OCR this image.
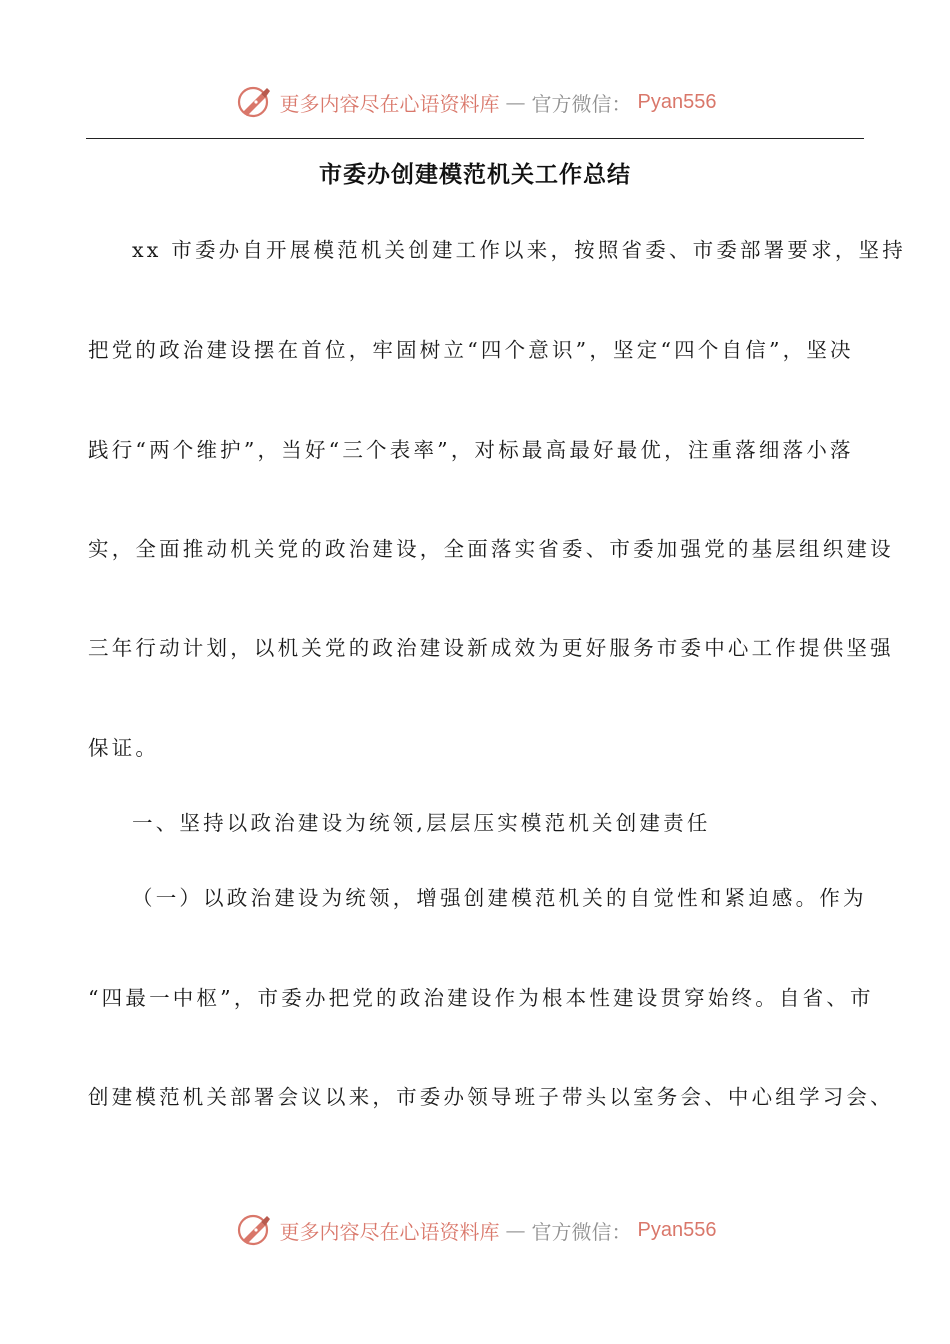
更多内容尽在心语资料库 — 官方微信： Pyan556
市委办创建模范机关工作总结
xx 市委办自开展模范机关创建工作以来，按照省委、市委部署要求，坚持
把党的政治建设摆在首位，牢固树立“四个意识”，坚定“四个自信”，坚决
践行“两个维护”，当好“三个表率”，对标最高最好最优，注重落细落小落
实，全面推动机关党的政治建设，全面落实省委、市委加强党的基层组织建设
三年行动计划，以机关党的政治建设新成效为更好服务市委中心工作提供坚强
保证。
一、坚持以政治建设为统领,层层压实模范机关创建责任
（一）以政治建设为统领，增强创建模范机关的自觉性和紧迫感。作为
“四最一中枢”，市委办把党的政治建设作为根本性建设贯穿始终。自省、市
创建模范机关部署会议以来，市委办领导班子带头以室务会、中心组学习会、
更多内容尽在心语资料库 — 官方微信： Pyan556
